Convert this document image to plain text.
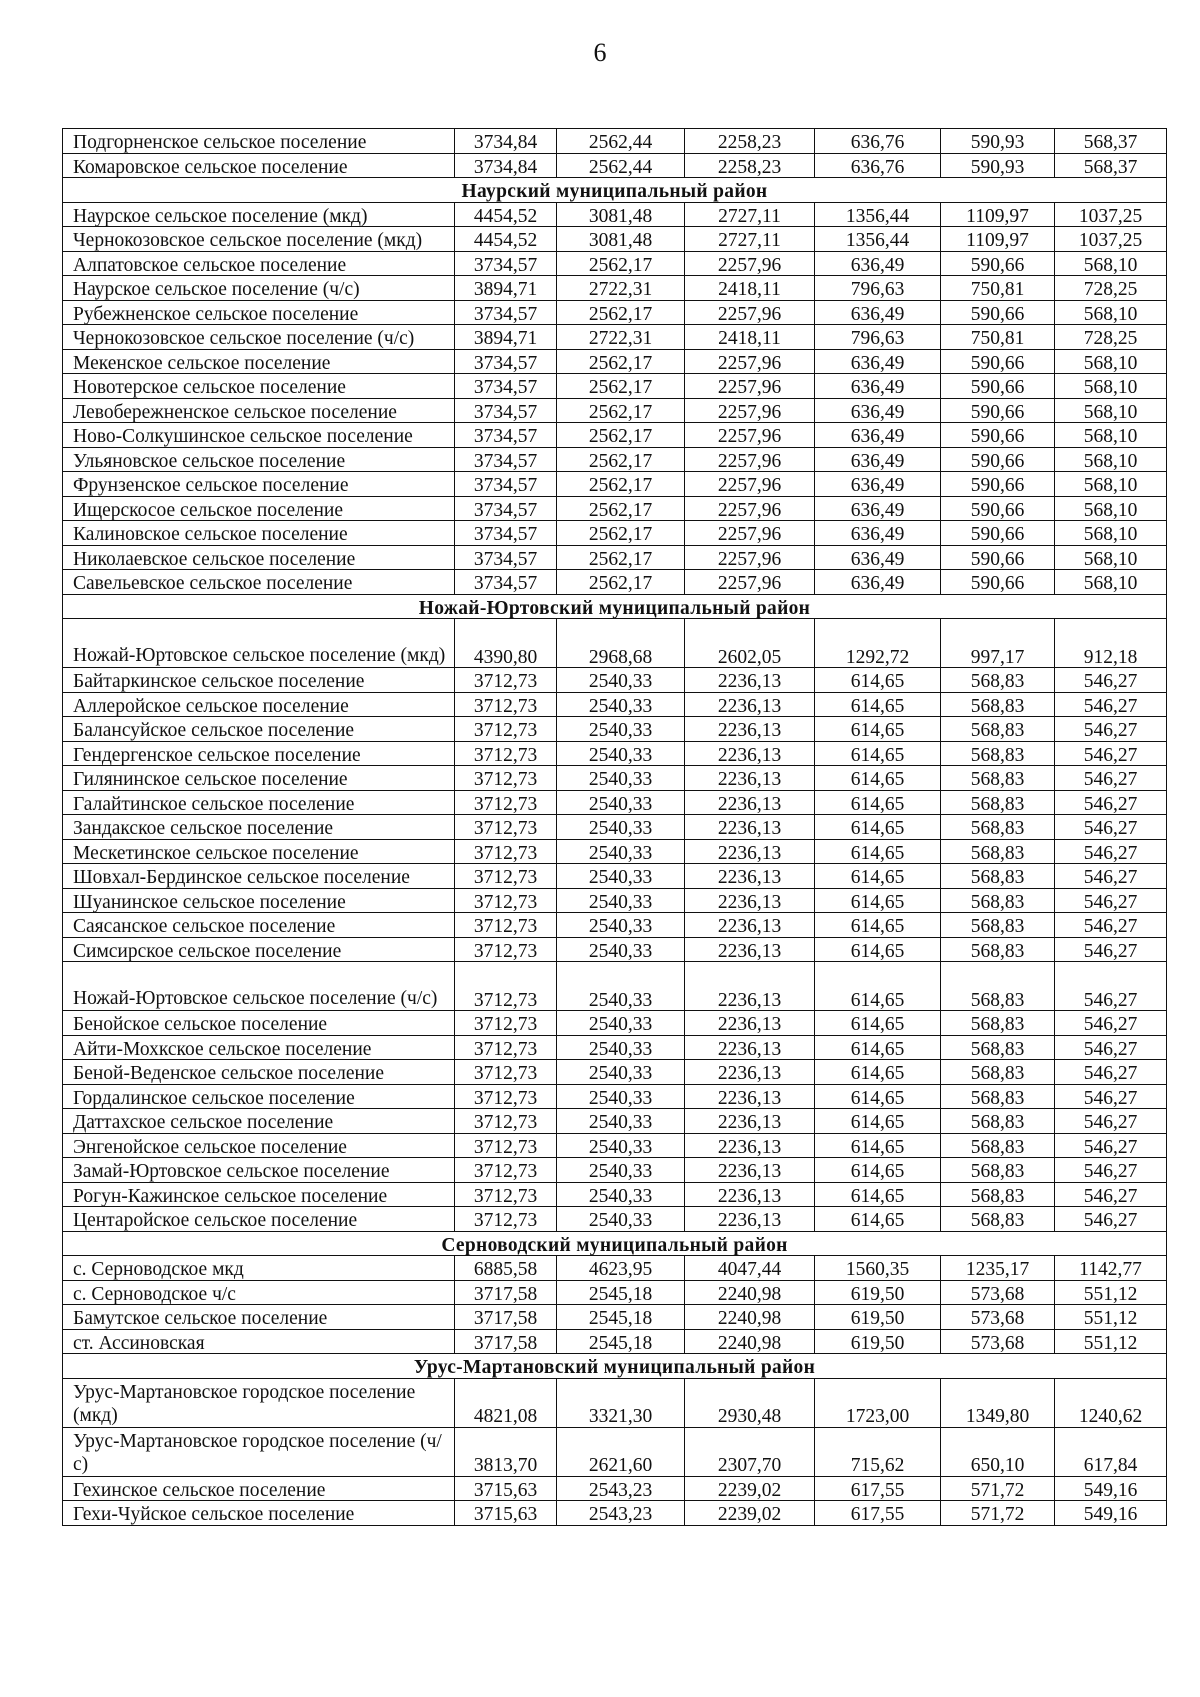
6
Подгорненское сельское поселение	3734,84	2562,44	2258,23	636,76	590,93	568,37
Комаровское сельское поселение	3734,84	2562,44	2258,23	636,76	590,93	568,37
Наурский муниципальный район						
Наурское сельское поселение (мкд)	4454,52	3081,48	2727,11	1356,44	1109,97	1037,25
Чернокозовское сельское поселение (мкд)	4454,52	3081,48	2727,11	1356,44	1109,97	1037,25
Алпатовское сельское поселение	3734,57	2562,17	2257,96	636,49	590,66	568,10
Наурское сельское поселение (ч/с)	3894,71	2722,31	2418,11	796,63	750,81	728,25
Рубежненское сельское поселение	3734,57	2562,17	2257,96	636,49	590,66	568,10
Чернокозовское сельское поселение (ч/с)	3894,71	2722,31	2418,11	796,63	750,81	728,25
Мекенское сельское поселение	3734,57	2562,17	2257,96	636,49	590,66	568,10
Новотерское сельское поселение	3734,57	2562,17	2257,96	636,49	590,66	568,10
Левобережненское сельское поселение	3734,57	2562,17	2257,96	636,49	590,66	568,10
Ново-Солкушинское сельское поселение	3734,57	2562,17	2257,96	636,49	590,66	568,10
Ульяновское сельское поселение	3734,57	2562,17	2257,96	636,49	590,66	568,10
Фрунзенское сельское поселение	3734,57	2562,17	2257,96	636,49	590,66	568,10
Ищерскосое сельское поселение	3734,57	2562,17	2257,96	636,49	590,66	568,10
Калиновское сельское поселение	3734,57	2562,17	2257,96	636,49	590,66	568,10
Николаевское сельское поселение	3734,57	2562,17	2257,96	636,49	590,66	568,10
Савельевское сельское поселение	3734,57	2562,17	2257,96	636,49	590,66	568,10
Ножай-Юртовский муниципальный район						
Ножай-Юртовское сельское поселение (мкд)	4390,80	2968,68	2602,05	1292,72	997,17	912,18
Байтаркинское сельское поселение	3712,73	2540,33	2236,13	614,65	568,83	546,27
Аллеройское сельское поселение	3712,73	2540,33	2236,13	614,65	568,83	546,27
Балансуйское сельское поселение	3712,73	2540,33	2236,13	614,65	568,83	546,27
Гендергенское сельское поселение	3712,73	2540,33	2236,13	614,65	568,83	546,27
Гилянинское сельское поселение	3712,73	2540,33	2236,13	614,65	568,83	546,27
Галайтинское сельское поселение	3712,73	2540,33	2236,13	614,65	568,83	546,27
Зандакское сельское поселение	3712,73	2540,33	2236,13	614,65	568,83	546,27
Мескетинское сельское поселение	3712,73	2540,33	2236,13	614,65	568,83	546,27
Шовхал-Бердинское сельское поселение	3712,73	2540,33	2236,13	614,65	568,83	546,27
Шуанинское сельское поселение	3712,73	2540,33	2236,13	614,65	568,83	546,27
Саясанское сельское поселение	3712,73	2540,33	2236,13	614,65	568,83	546,27
Симсирское сельское поселение	3712,73	2540,33	2236,13	614,65	568,83	546,27
Ножай-Юртовское сельское поселение (ч/с)	3712,73	2540,33	2236,13	614,65	568,83	546,27
Бенойское сельское поселение	3712,73	2540,33	2236,13	614,65	568,83	546,27
Айти-Мохкское сельское поселение	3712,73	2540,33	2236,13	614,65	568,83	546,27
Беной-Веденское сельское поселение	3712,73	2540,33	2236,13	614,65	568,83	546,27
Гордалинское сельское поселение	3712,73	2540,33	2236,13	614,65	568,83	546,27
Даттахское сельское поселение	3712,73	2540,33	2236,13	614,65	568,83	546,27
Энгенойское сельское поселение	3712,73	2540,33	2236,13	614,65	568,83	546,27
Замай-Юртовское сельское поселение	3712,73	2540,33	2236,13	614,65	568,83	546,27
Рогун-Кажинское сельское поселение	3712,73	2540,33	2236,13	614,65	568,83	546,27
Центаройское сельское поселение	3712,73	2540,33	2236,13	614,65	568,83	546,27
Серноводский муниципальный район						
с. Серноводское мкд	6885,58	4623,95	4047,44	1560,35	1235,17	1142,77
с. Серноводское ч/с	3717,58	2545,18	2240,98	619,50	573,68	551,12
Бамутское сельское поселение	3717,58	2545,18	2240,98	619,50	573,68	551,12
ст. Ассиновская	3717,58	2545,18	2240,98	619,50	573,68	551,12
Урус-Мартановский муниципальный район						
Урус-Мартановское городское поселение (мкд)	4821,08	3321,30	2930,48	1723,00	1349,80	1240,62
Урус-Мартановское городское поселение (ч/с)	3813,70	2621,60	2307,70	715,62	650,10	617,84
Гехинское сельское поселение	3715,63	2543,23	2239,02	617,55	571,72	549,16
Гехи-Чуйское сельское поселение	3715,63	2543,23	2239,02	617,55	571,72	549,16
